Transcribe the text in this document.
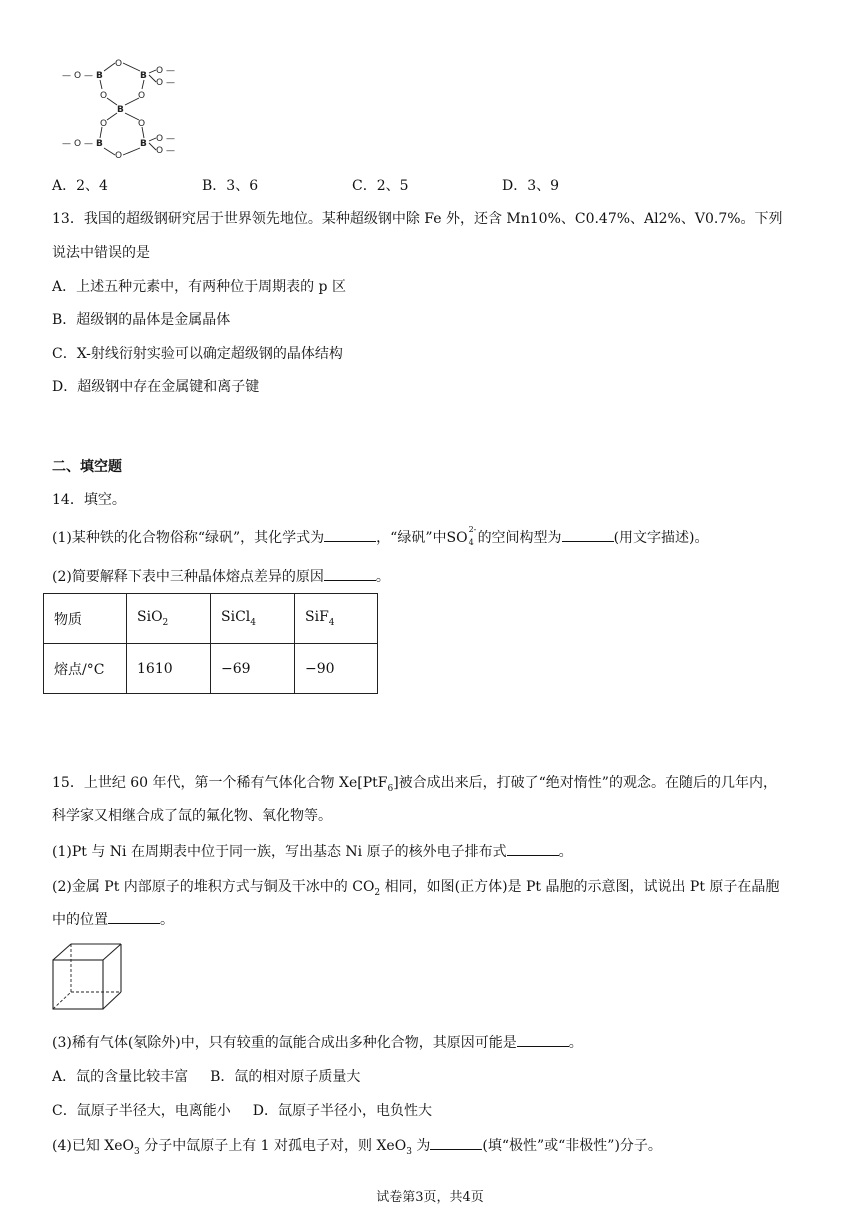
— O — B
O
O
B
O
O
O
—
—
B
O	O
— O — B
O
B O
O
—
—
A．2、4	B．3、6	C．2、5	D．3、9
13．我国的超级钢研究居于世界领先地位。某种超级钢中除 Fe 外，还含 Mn10%、C0.47%、Al2%、V0.7%。下列
说法中错误的是
A．上述五种元素中，有两种位于周期表的 p 区
B．超级钢的晶体是金属晶体
C．X-射线衍射实验可以确定超级钢的晶体结构
D．超级钢中存在金属键和离子键
二、填空题
14．填空。
(1)某种铁的化合物俗称“绿矾”，其化学式为	，“绿矾”中SO
2-
4 的空间构型为	(用文字描述)。
(2)简要解释下表中三种晶体熔点差异的原因	。
物质	SiO$_2$	SiCl$_4$	SiF$_4$
熔点/°C	1610	−69	−90
15．上世纪 60 年代，第一个稀有气体化合物 Xe[PtF$_6$]被合成出来后，打破了“绝对惰性”的观念。在随后的几年内，
科学家又相继合成了氙的氟化物、氧化物等。
(1)Pt 与 Ni 在周期表中位于同一族，写出基态 Ni 原子的核外电子排布式	。
(2)金属 Pt 内部原子的堆积方式与铜及干冰中的 $CO_2$ 相同，如图(正方体)是 Pt 晶胞的示意图，试说出 Pt 原子在晶胞
中的位置	。
(3)稀有气体(氡除外)中，只有较重的氙能合成出多种化合物，其原因可能是	。
A．氙的含量比较丰富 B．氙的相对原子质量大
C．氙原子半径大，电离能小 D．氙原子半径小，电负性大
(4)已知 XeO$_3$ 分子中氙原子上有 1 对孤电子对，则 XeO$_3$ 为	(填“极性”或“非极性”)分子。
试卷第3页，共4页
